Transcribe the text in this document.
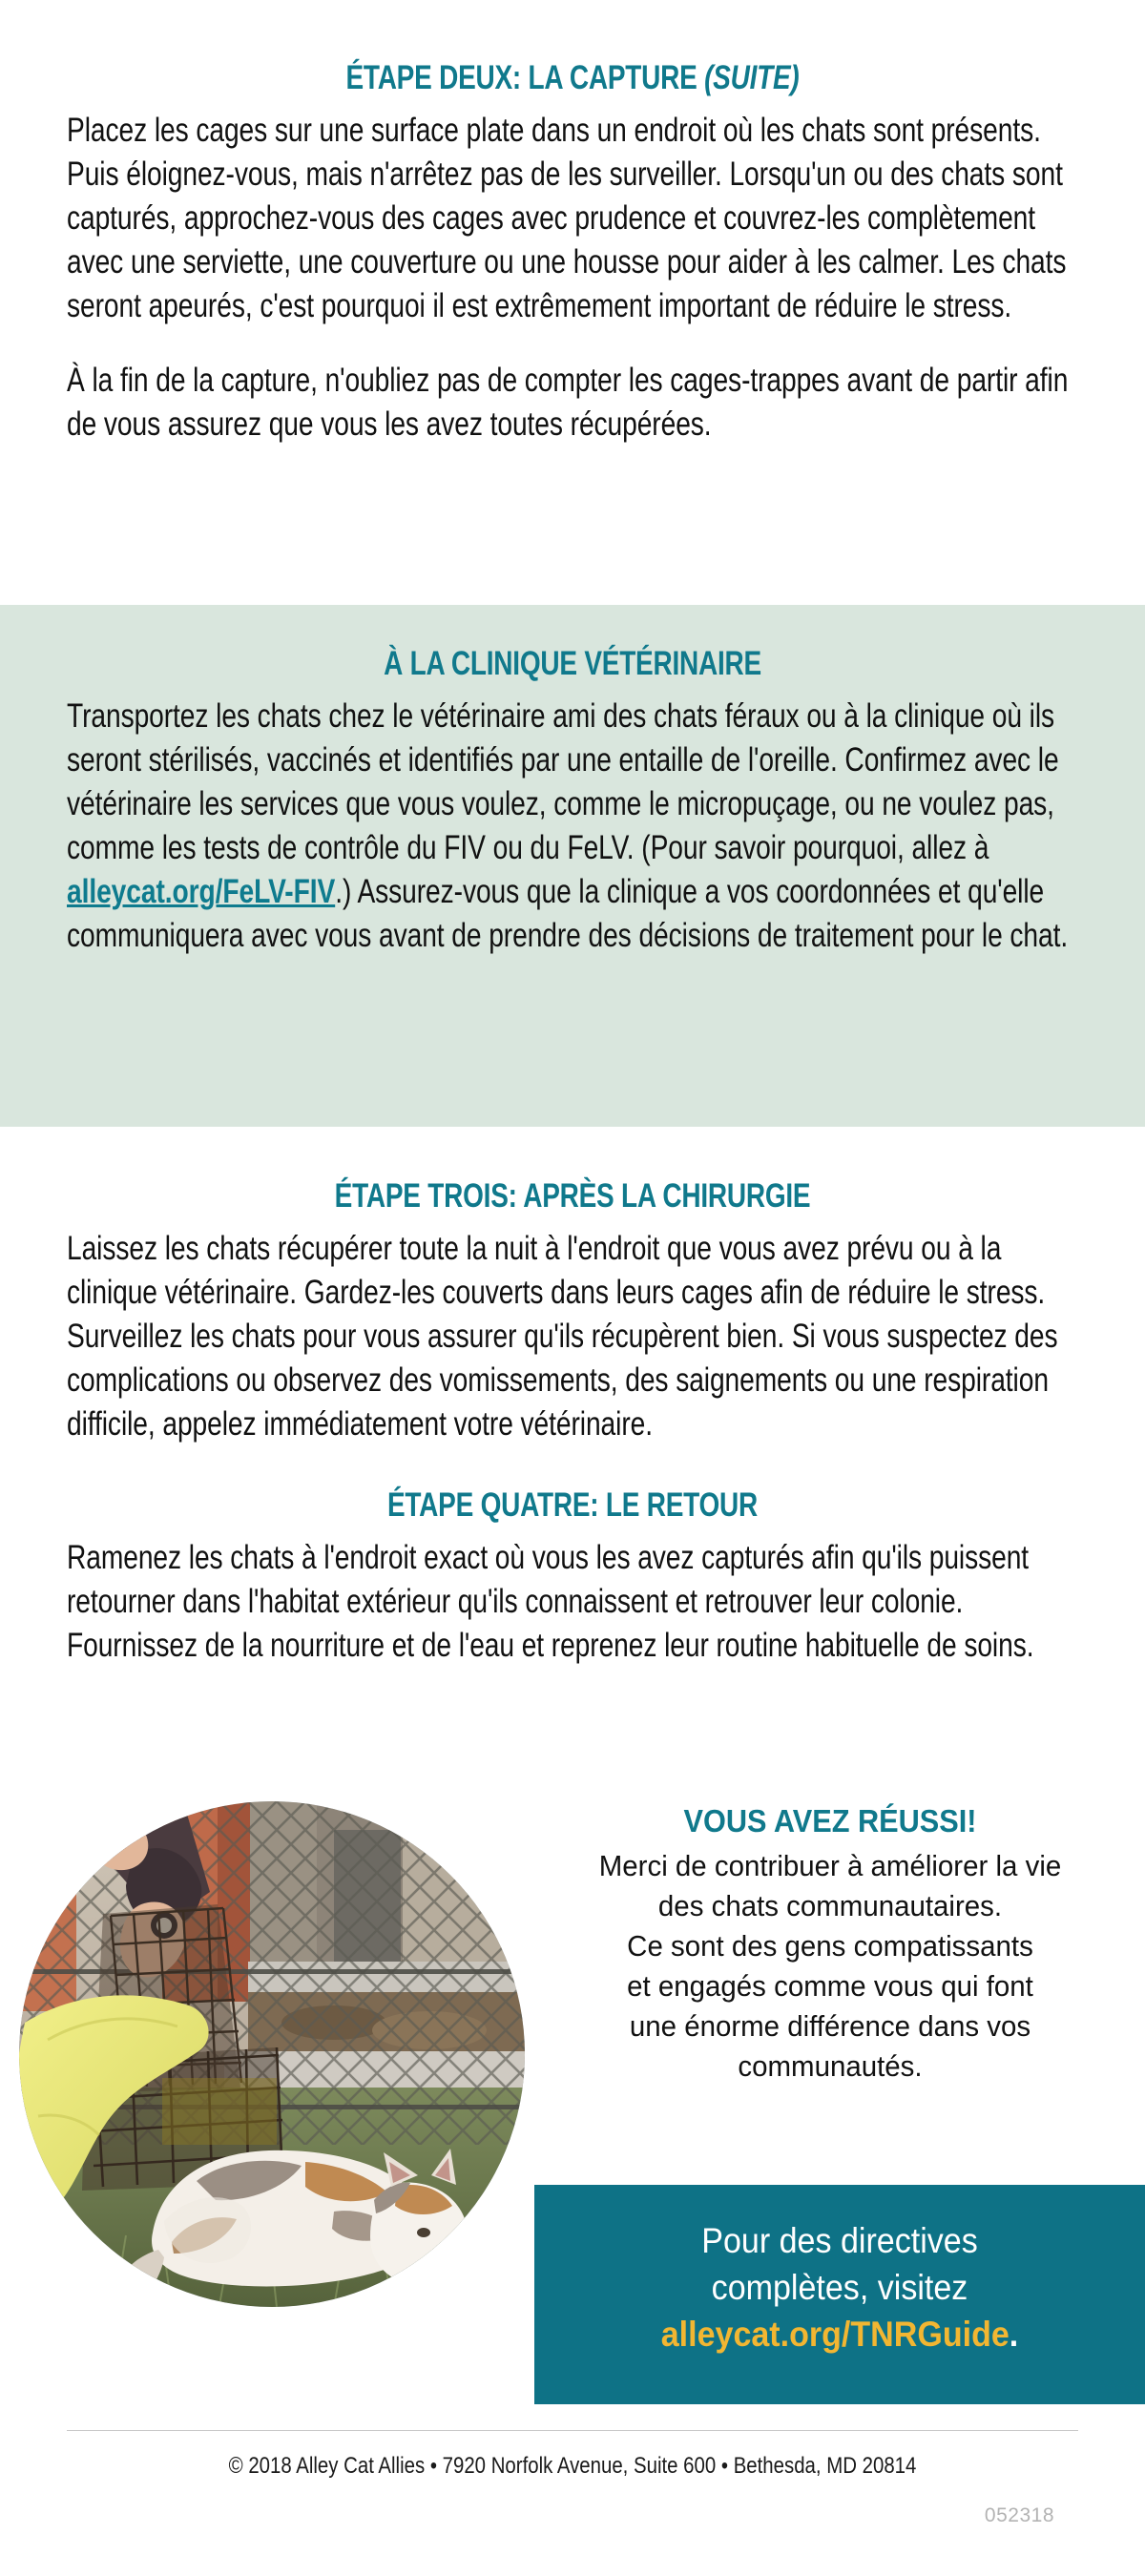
ÉTAPE DEUX: LA CAPTURE (SUITE)

Placez les cages sur une surface plate dans un endroit où les chats sont présents. Puis éloignez-vous, mais n'arrêtez pas de les surveiller. Lorsqu'un ou des chats sont capturés, approchez-vous des cages avec prudence et couvrez-les complètement avec une serviette, une couverture ou une housse pour aider à les calmer. Les chats seront apeurés, c'est pourquoi il est extrêmement important de réduire le stress.

À la fin de la capture, n'oubliez pas de compter les cages-trappes avant de partir afin de vous assurez que vous les avez toutes récupérées.

À LA CLINIQUE VÉTÉRINAIRE

Transportez les chats chez le vétérinaire ami des chats féraux ou à la clinique où ils seront stérilisés, vaccinés et identifiés par une entaille de l'oreille. Confirmez avec le vétérinaire les services que vous voulez, comme le micropuçage, ou ne voulez pas, comme les tests de contrôle du FIV ou du FeLV. (Pour savoir pourquoi, allez à alleycat.org/FeLV-FIV.) Assurez-vous que la clinique a vos coordonnées et qu'elle communiquera avec vous avant de prendre des décisions de traitement pour le chat.

ÉTAPE TROIS: APRÈS LA CHIRURGIE

Laissez les chats récupérer toute la nuit à l'endroit que vous avez prévu ou à la clinique vétérinaire. Gardez-les couverts dans leurs cages afin de réduire le stress. Surveillez les chats pour vous assurer qu'ils récupèrent bien. Si vous suspectez des complications ou observez des vomissements, des saignements ou une respiration difficile, appelez immédiatement votre vétérinaire.

ÉTAPE QUATRE: LE RETOUR

Ramenez les chats à l'endroit exact où vous les avez capturés afin qu'ils puissent retourner dans l'habitat extérieur qu'ils connaissent et retrouver leur colonie. Fournissez de la nourriture et de l'eau et reprenez leur routine habituelle de soins.

VOUS AVEZ RÉUSSI!
Merci de contribuer à améliorer la vie
des chats communautaires.
Ce sont des gens compatissants
et engagés comme vous qui font
une énorme différence dans vos
communautés.
Pour des directives
complètes, visitez
alleycat.org/TNRGuide.
© 2018 Alley Cat Allies • 7920 Norfolk Avenue, Suite 600 • Bethesda, MD 20814
052318
